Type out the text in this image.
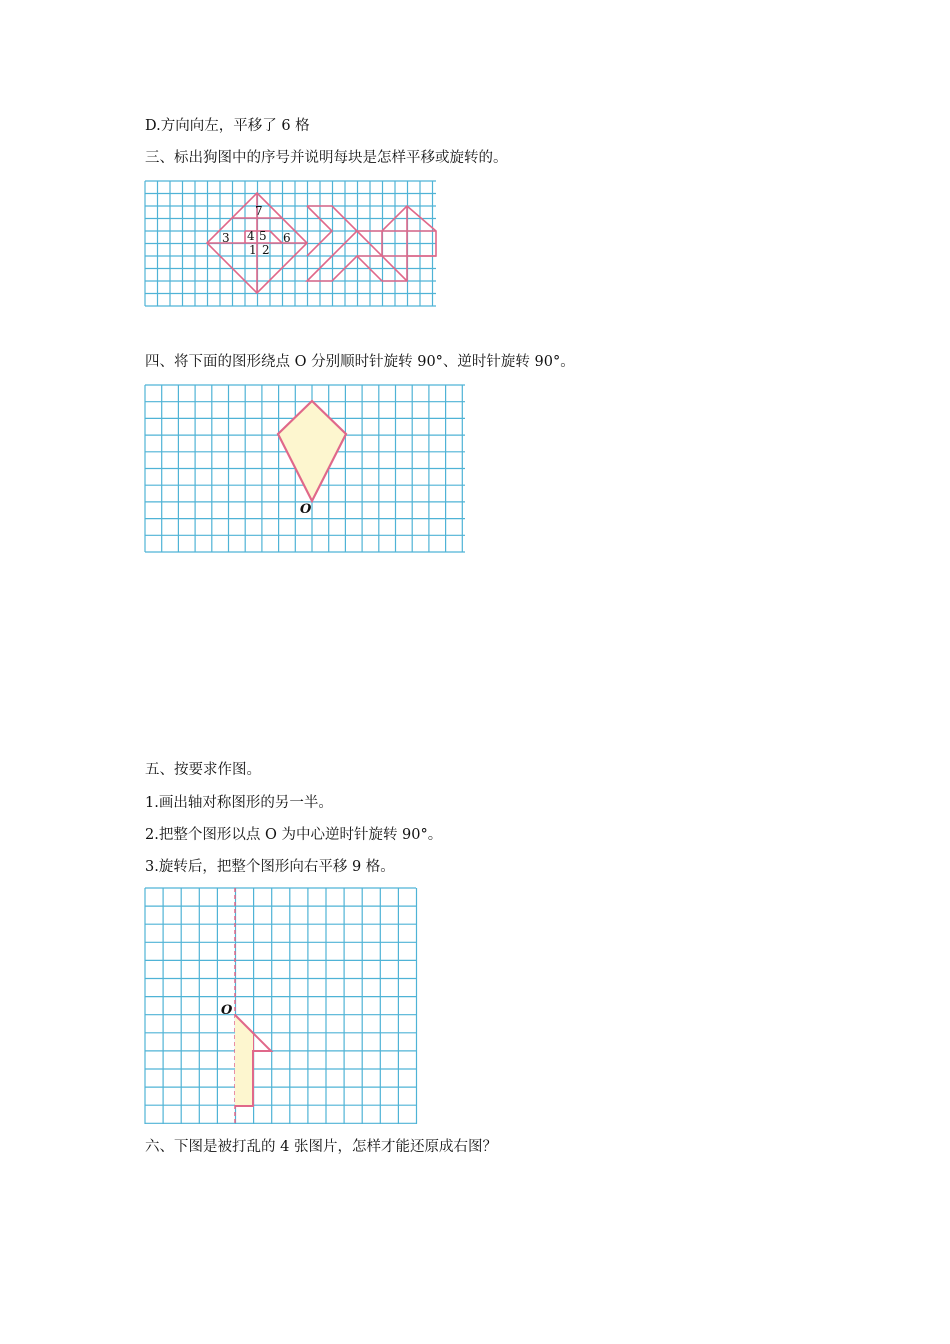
D.方向向左，平移了 6 格
三、标出狗图中的序号并说明每块是怎样平移或旋转的。
7
3 4 5 6
1 2
四、将下面的图形绕点 O 分别顺时针旋转 90°、逆时针旋转 90°。
O
五、按要求作图。
1.画出轴对称图形的另一半。
2.把整个图形以点 O 为中心逆时针旋转 90°。
3.旋转后，把整个图形向右平移 9 格。
O
六、下图是被打乱的 4 张图片，怎样才能还原成右图？
